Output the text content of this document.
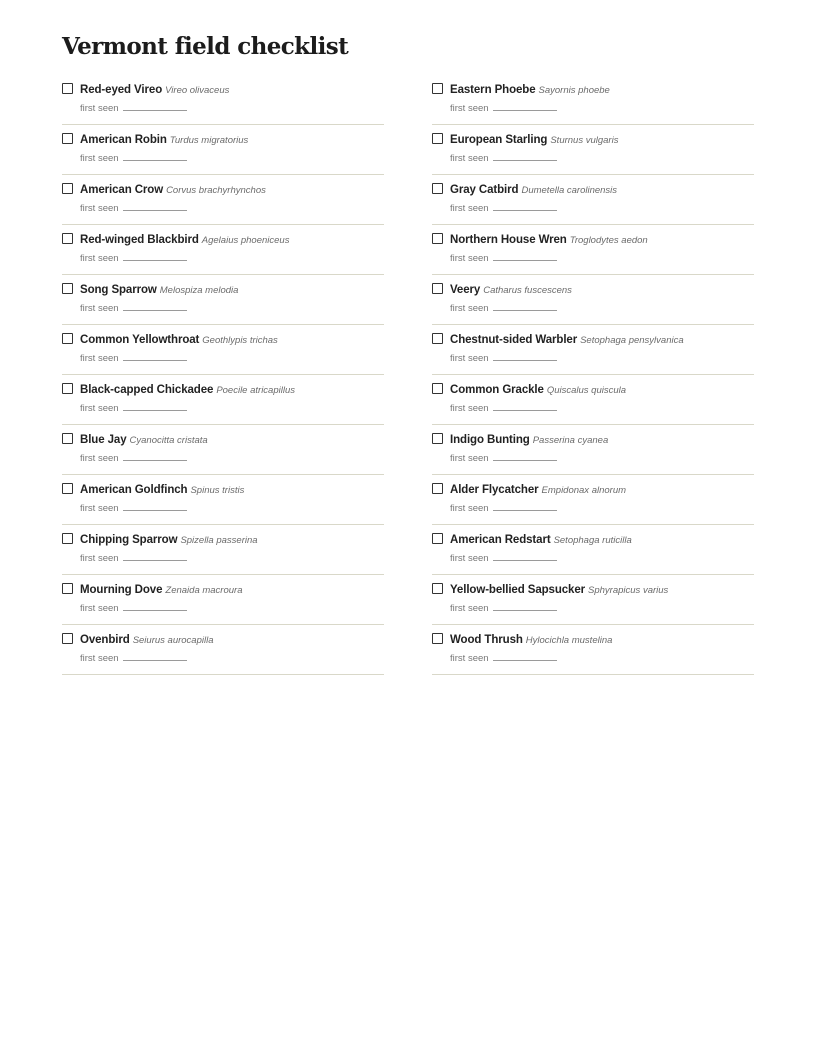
Vermont field checklist
Red-eyed Vireo Vireo olivaceus
first seen
American Robin Turdus migratorius
first seen
American Crow Corvus brachyrhynchos
first seen
Red-winged Blackbird Agelaius phoeniceus
first seen
Song Sparrow Melospiza melodia
first seen
Common Yellowthroat Geothlypis trichas
first seen
Black-capped Chickadee Poecile atricapillus
first seen
Blue Jay Cyanocitta cristata
first seen
American Goldfinch Spinus tristis
first seen
Chipping Sparrow Spizella passerina
first seen
Mourning Dove Zenaida macroura
first seen
Ovenbird Seiurus aurocapilla
first seen
Eastern Phoebe Sayornis phoebe
first seen
European Starling Sturnus vulgaris
first seen
Gray Catbird Dumetella carolinensis
first seen
Northern House Wren Troglodytes aedon
first seen
Veery Catharus fuscescens
first seen
Chestnut-sided Warbler Setophaga pensylvanica
first seen
Common Grackle Quiscalus quiscula
first seen
Indigo Bunting Passerina cyanea
first seen
Alder Flycatcher Empidonax alnorum
first seen
American Redstart Setophaga ruticilla
first seen
Yellow-bellied Sapsucker Sphyrapicus varius
first seen
Wood Thrush Hylocichla mustelina
first seen
